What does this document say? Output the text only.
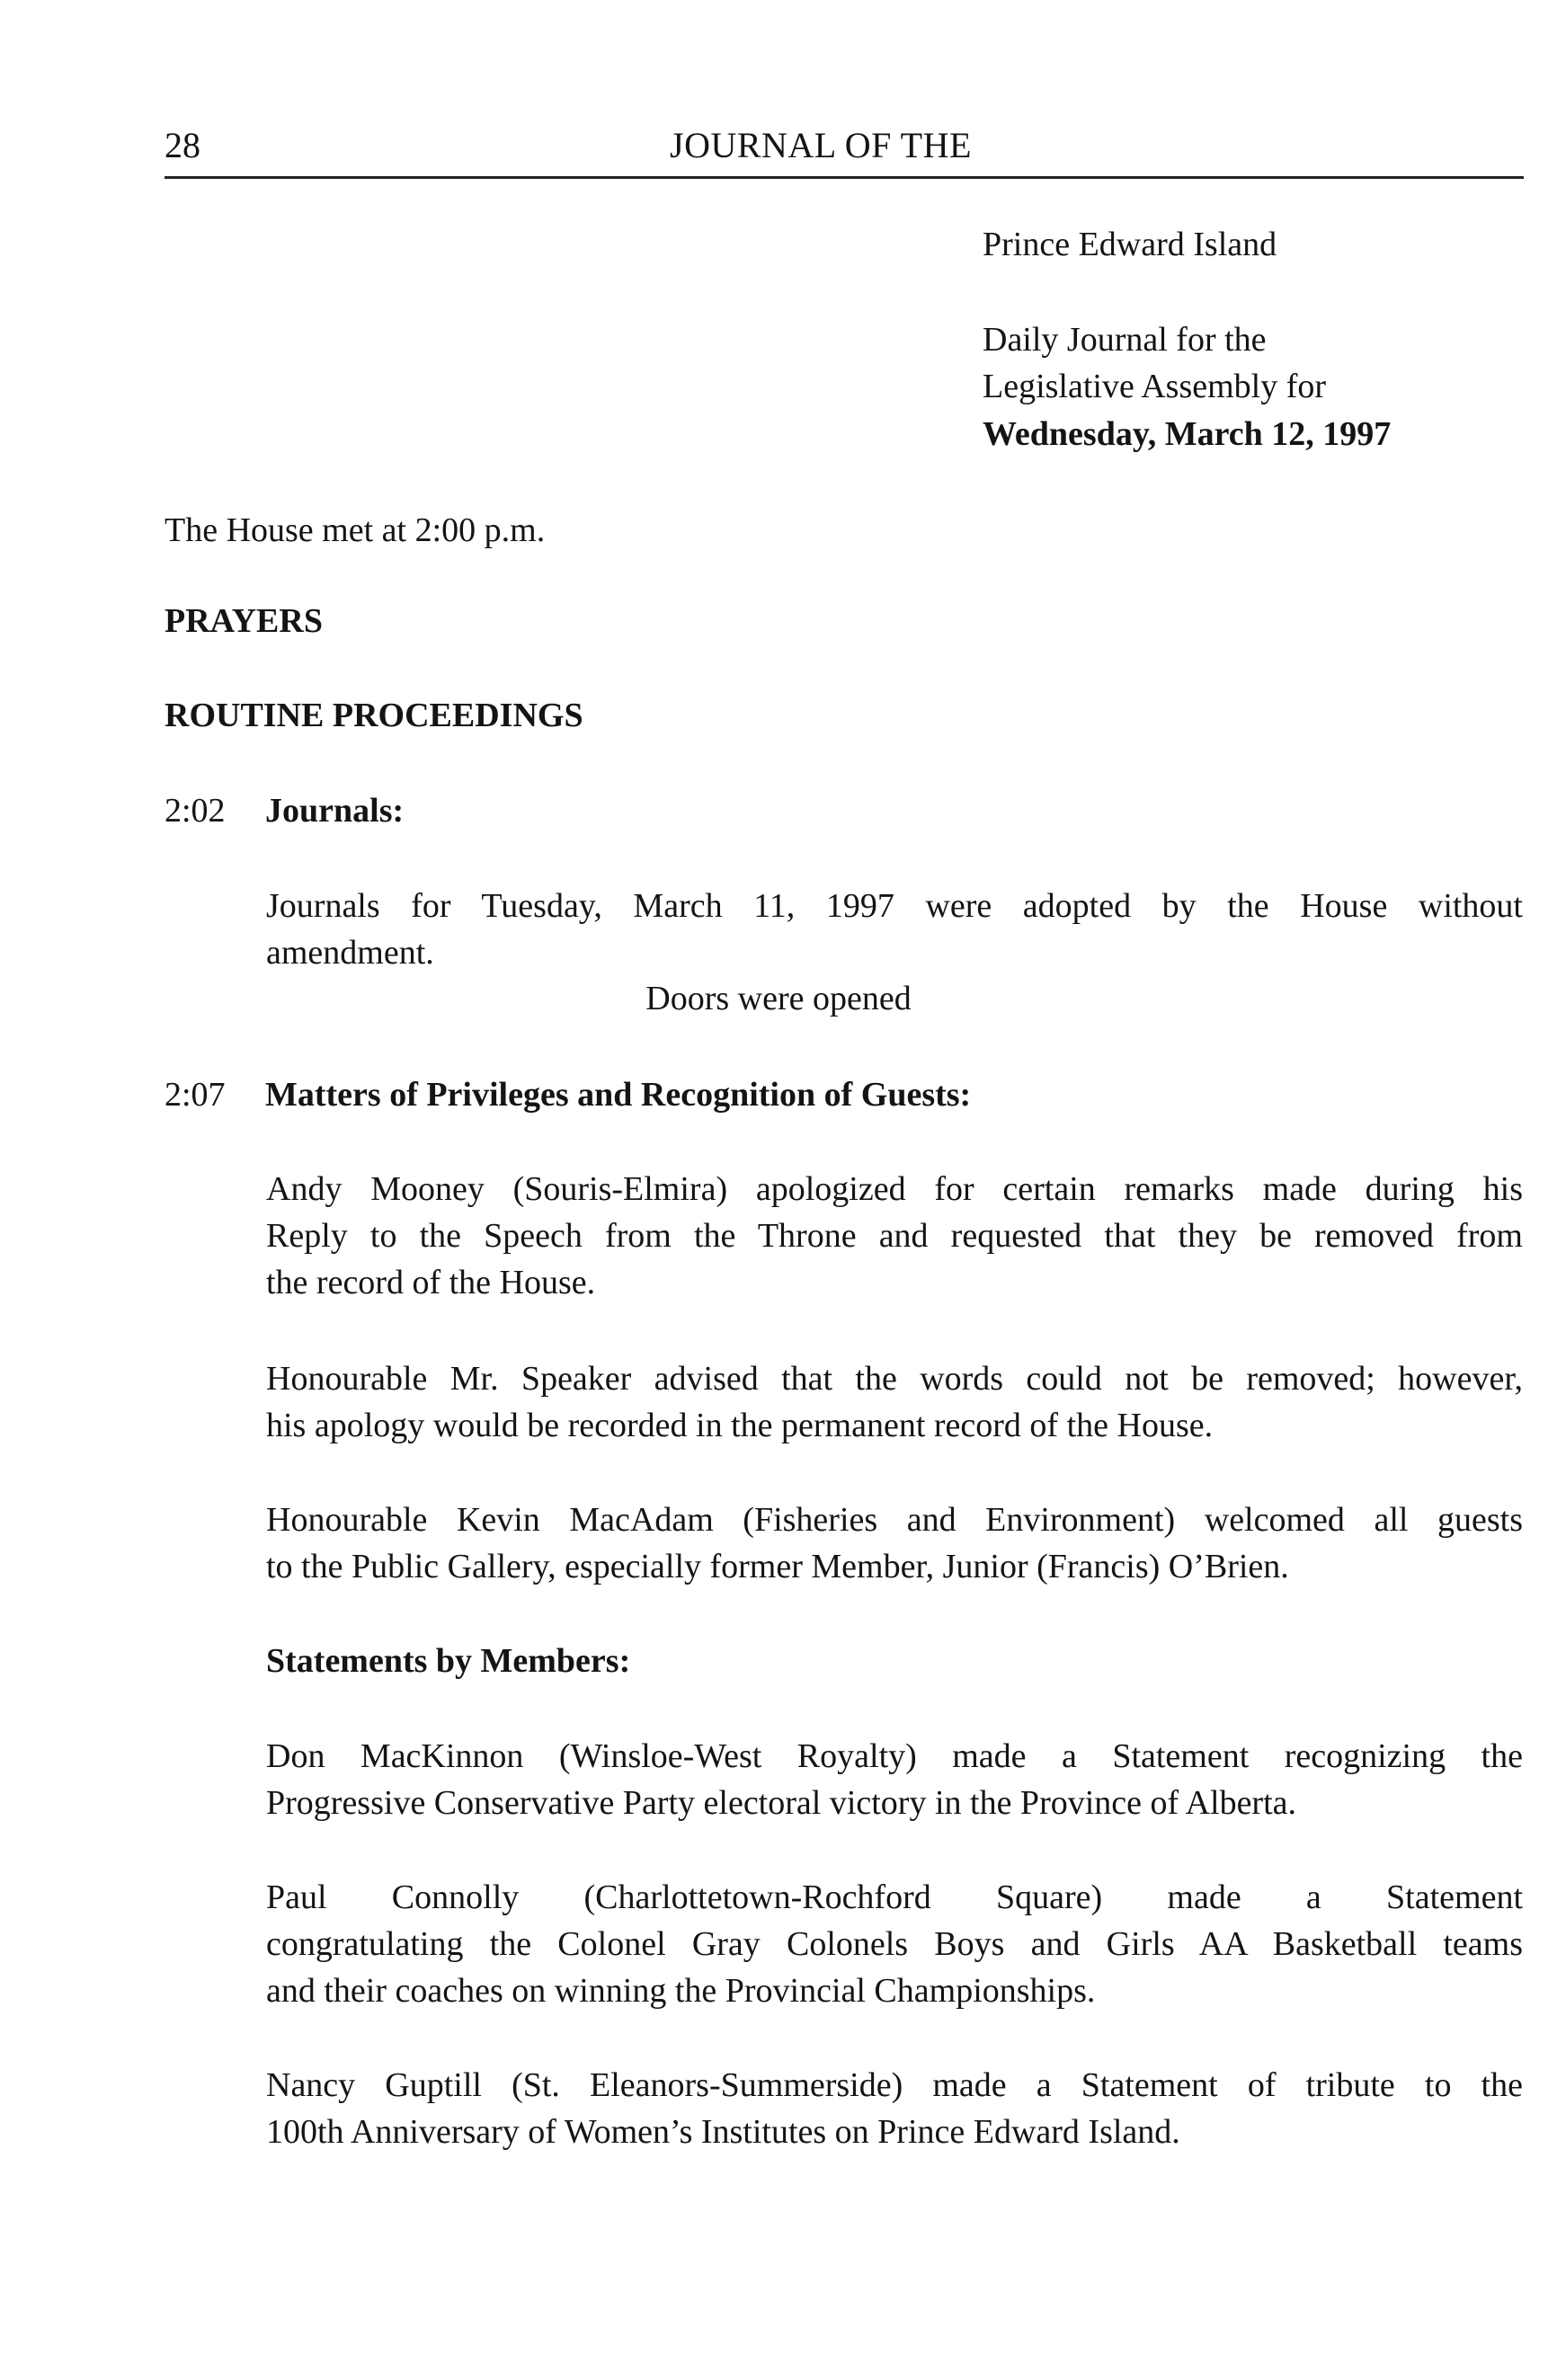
28	JOURNAL OF THE
Prince Edward Island
Daily Journal for the
Legislative Assembly for
Wednesday, March 12, 1997
The House met at 2:00 p.m.
PRAYERS
ROUTINE PROCEEDINGS
2:02 Journals:
Journals for Tuesday, March 11, 1997 were adopted by the House without
amendment.
Doors were opened
2:07 Matters of Privileges and Recognition of Guests:
Andy Mooney (Souris-Elmira) apologized for certain remarks made during his
Reply to the Speech from the Throne and requested that they be removed from
the record of the House.
Honourable Mr. Speaker advised that the words could not be removed; however,
his apology would be recorded in the permanent record of the House.
Honourable Kevin MacAdam (Fisheries and Environment) welcomed all guests
to the Public Gallery, especially former Member, Junior (Francis) O’Brien.
Statements by Members:
Don MacKinnon (Winsloe-West Royalty) made a Statement recognizing the
Progressive Conservative Party electoral victory in the Province of Alberta.
Paul Connolly (Charlottetown-Rochford Square) made a Statement
congratulating the Colonel Gray Colonels Boys and Girls AA Basketball teams
and their coaches on winning the Provincial Championships.
Nancy Guptill (St. Eleanors-Summerside) made a Statement of tribute to the
100th Anniversary of Women’s Institutes on Prince Edward Island.
